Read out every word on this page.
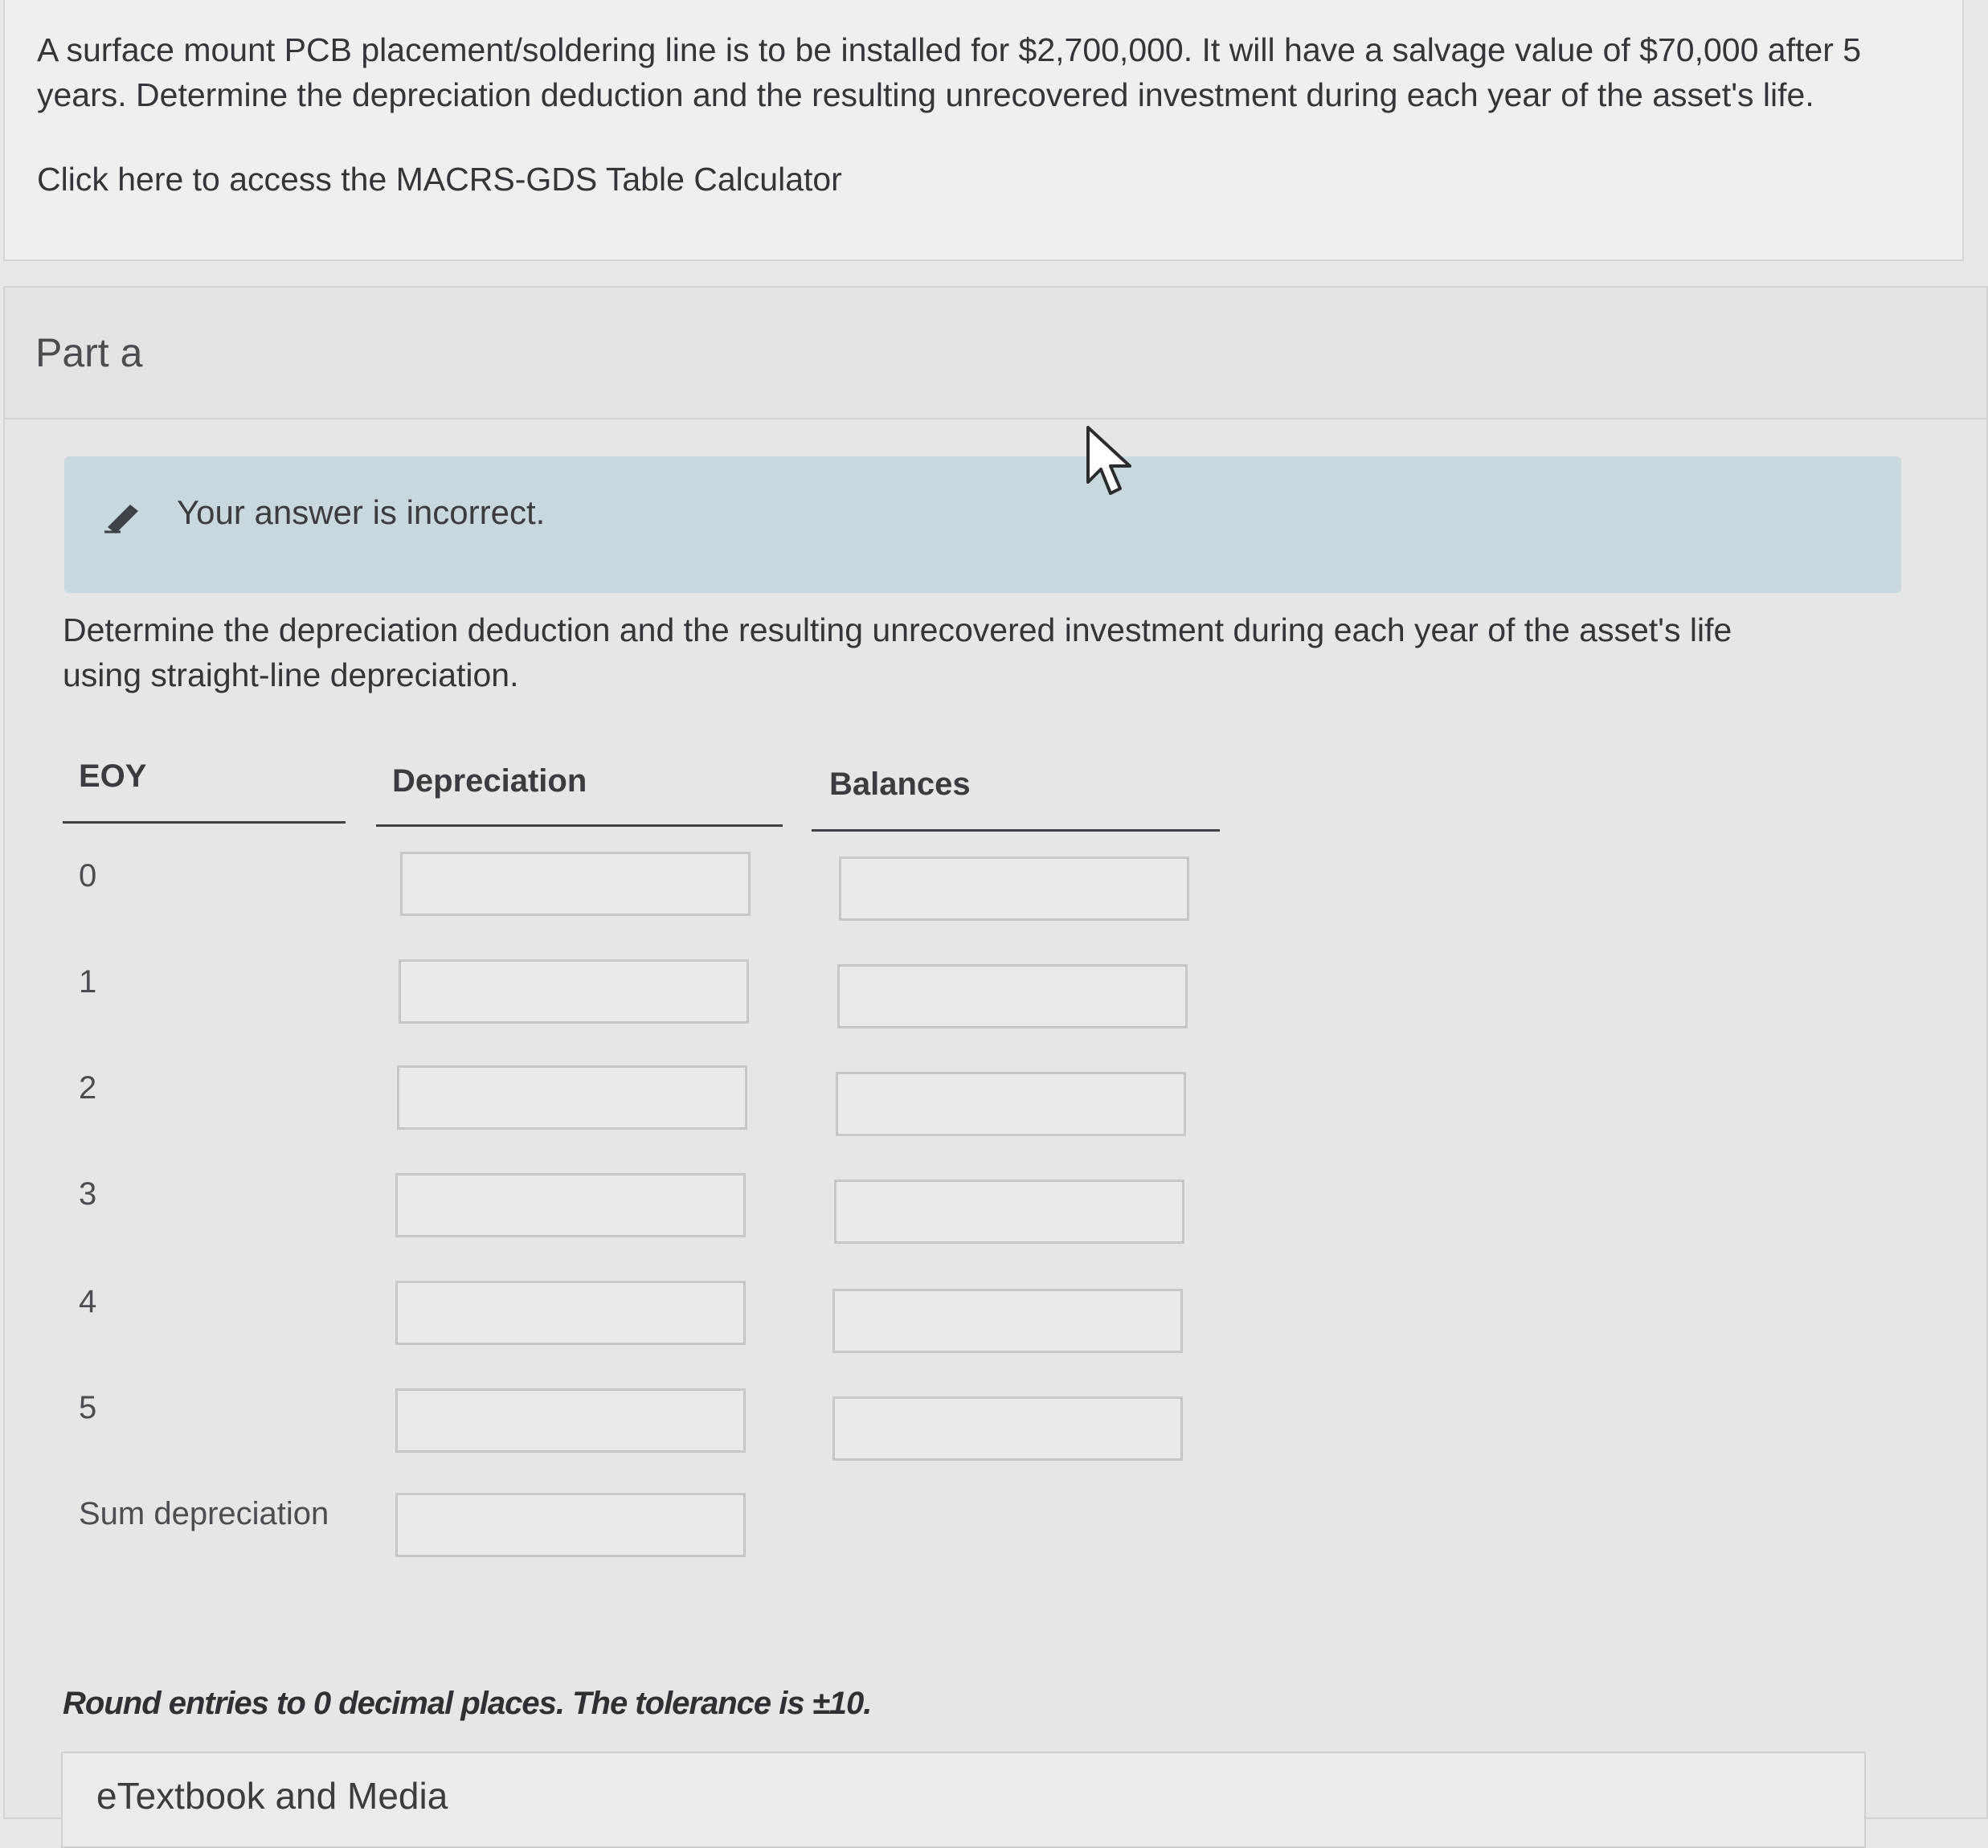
A surface mount PCB placement/soldering line is to be installed for $2,700,000. It will have a salvage value of $70,000 after 5 years. Determine the depreciation deduction and the resulting unrecovered investment during each year of the asset's life.

Click here to access the MACRS-GDS Table Calculator
Part a
Your answer is incorrect.

Determine the depreciation deduction and the resulting unrecovered investment during each year of the asset's life using straight-line depreciation.

EOY	Depreciation	Balances
0
1
2
3
4
5
Sum depreciation
Round entries to 0 decimal places. The tolerance is ±10.
eTextbook and Media
